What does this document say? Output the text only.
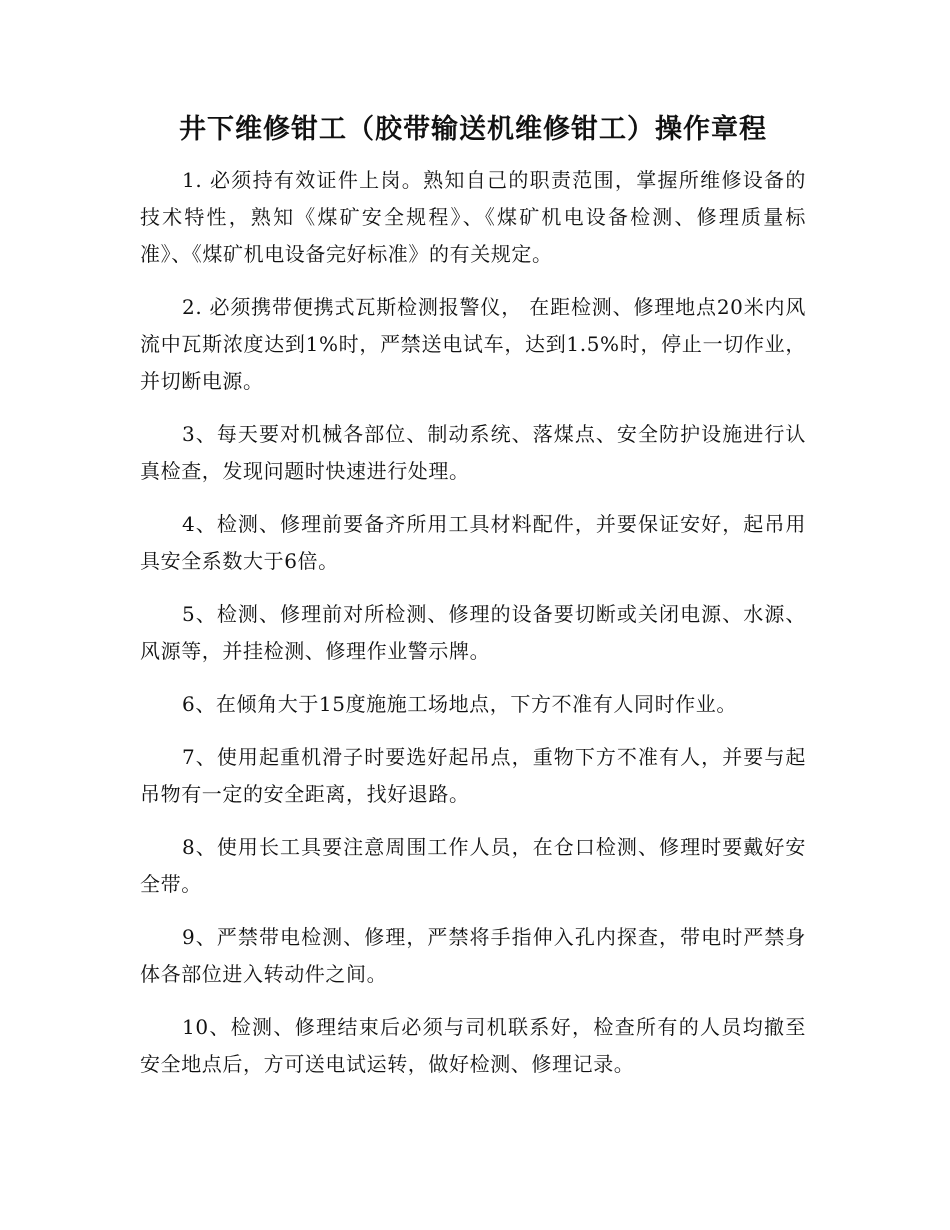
井下维修钳工（胶带输送机维修钳工）操作章程

1. 必须持有效证件上岗。熟知自己的职责范围，掌握所维修设备的技术特性，熟知《煤矿安全规程》、《煤矿机电设备检测、修理质量标准》、《煤矿机电设备完好标准》的有关规定。

2. 必须携带便携式瓦斯检测报警仪， 在距检测、修理地点20米内风流中瓦斯浓度达到1%时，严禁送电试车，达到1.5%时，停止一切作业，并切断电源。

3、每天要对机械各部位、制动系统、落煤点、安全防护设施进行认真检查，发现问题时快速进行处理。

4、检测、修理前要备齐所用工具材料配件，并要保证安好，起吊用具安全系数大于6倍。

5、检测、修理前对所检测、修理的设备要切断或关闭电源、水源、风源等，并挂检测、修理作业警示牌。

6、在倾角大于15度施施工场地点，下方不准有人同时作业。

7、使用起重机滑子时要选好起吊点，重物下方不准有人，并要与起吊物有一定的安全距离，找好退路。

8、使用长工具要注意周围工作人员，在仓口检测、修理时要戴好安全带。

9、严禁带电检测、修理，严禁将手指伸入孔内探查，带电时严禁身体各部位进入转动件之间。

10、检测、修理结束后必须与司机联系好，检查所有的人员均撤至安全地点后，方可送电试运转，做好检测、修理记录。
